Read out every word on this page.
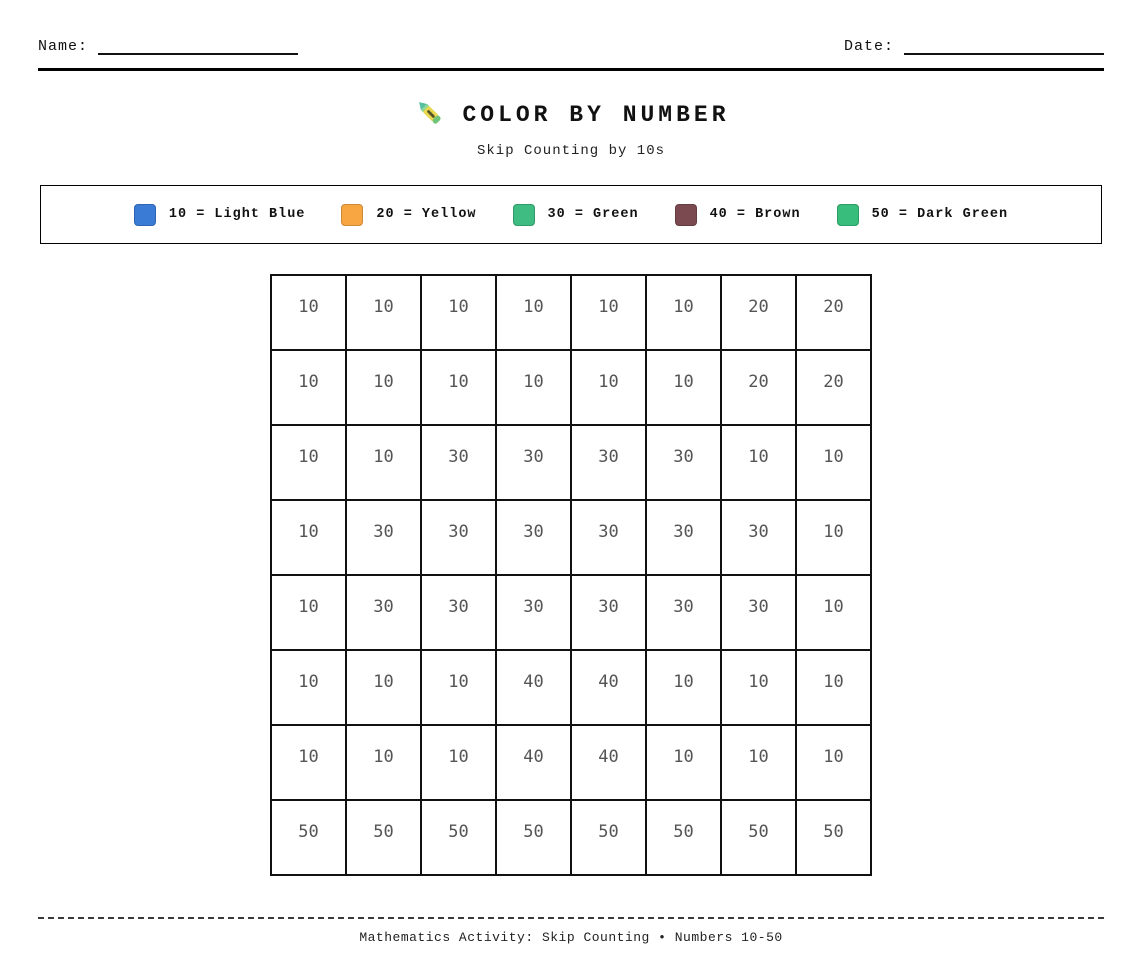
Name:	Date:
COLOR BY NUMBER
Skip Counting by 10s
10 = Light Blue	20 = Yellow	30 = Green	40 = Brown	50 = Dark Green
10	10	10	10	10	10	20	20
10	10	10	10	10	10	20	20
10	10	30	30	30	30	10	10
10	30	30	30	30	30	30	10
10	30	30	30	30	30	30	10
10	10	10	40	40	10	10	10
10	10	10	40	40	10	10	10
50	50	50	50	50	50	50	50
Mathematics Activity: Skip Counting • Numbers 10-50
